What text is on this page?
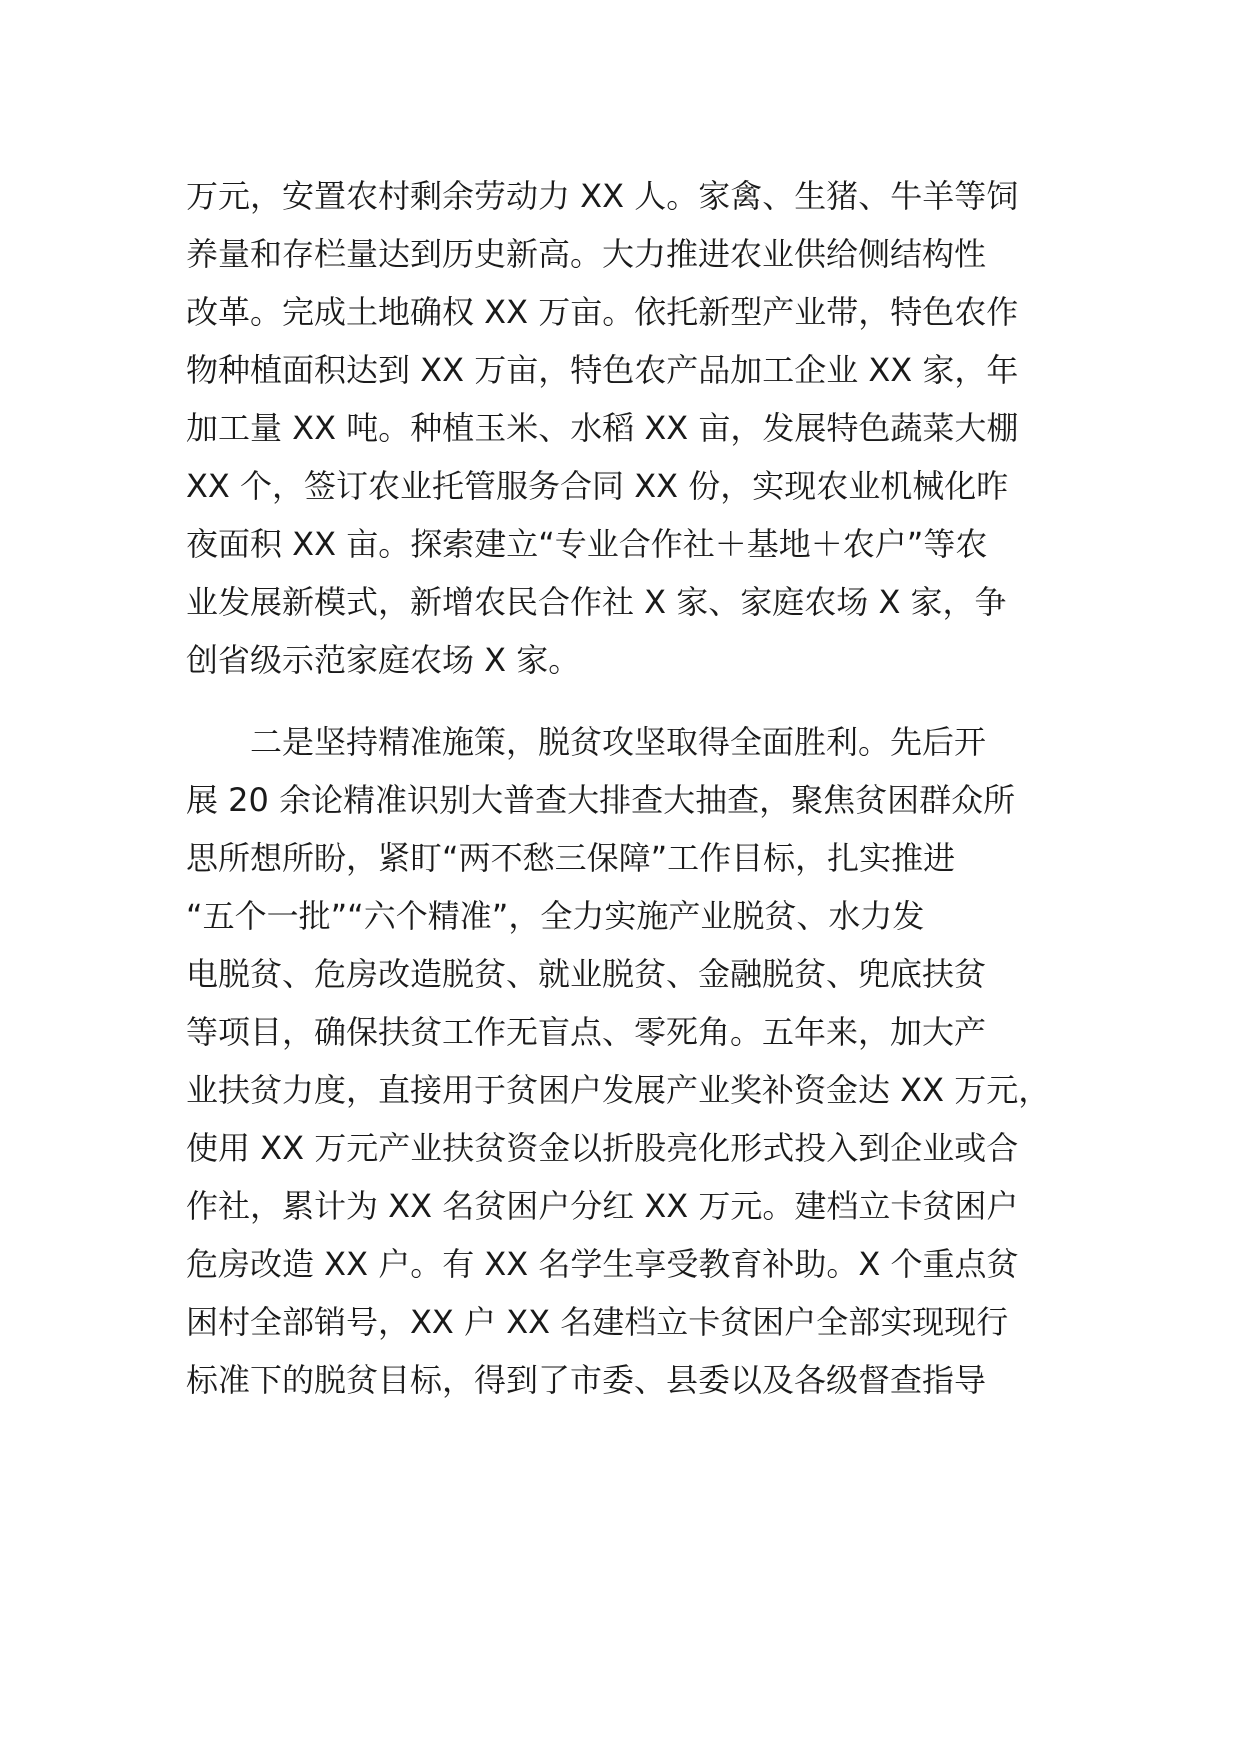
万元，安置农村剩余劳动力 XX 人。家禽、生猪、牛羊等饲
养量和存栏量达到历史新高。大力推进农业供给侧结构性
改革。完成土地确权 XX 万亩。依托新型产业带，特色农作
物种植面积达到 XX 万亩，特色农产品加工企业 XX 家，年
加工量 XX 吨。种植玉米、水稻 XX 亩，发展特色蔬菜大棚
XX 个，签订农业托管服务合同 XX 份，实现农业机械化昨
夜面积 XX 亩。探索建立“专业合作社＋基地＋农户”等农
业发展新模式，新增农民合作社 X 家、家庭农场 X 家，争
创省级示范家庭农场 X 家。
二是坚持精准施策，脱贫攻坚取得全面胜利。先后开
展 20 余论精准识别大普查大排查大抽查，聚焦贫困群众所
思所想所盼，紧盯“两不愁三保障”工作目标，扎实推进
“五个一批”“六个精准”，全力实施产业脱贫、水力发
电脱贫、危房改造脱贫、就业脱贫、金融脱贫、兜底扶贫
等项目，确保扶贫工作无盲点、零死角。五年来，加大产
业扶贫力度，直接用于贫困户发展产业奖补资金达 XX 万元，
使用 XX 万元产业扶贫资金以折股亮化形式投入到企业或合
作社，累计为 XX 名贫困户分红 XX 万元。建档立卡贫困户
危房改造 XX 户。有 XX 名学生享受教育补助。X 个重点贫
困村全部销号，XX 户 XX 名建档立卡贫困户全部实现现行
标准下的脱贫目标，得到了市委、县委以及各级督查指导
